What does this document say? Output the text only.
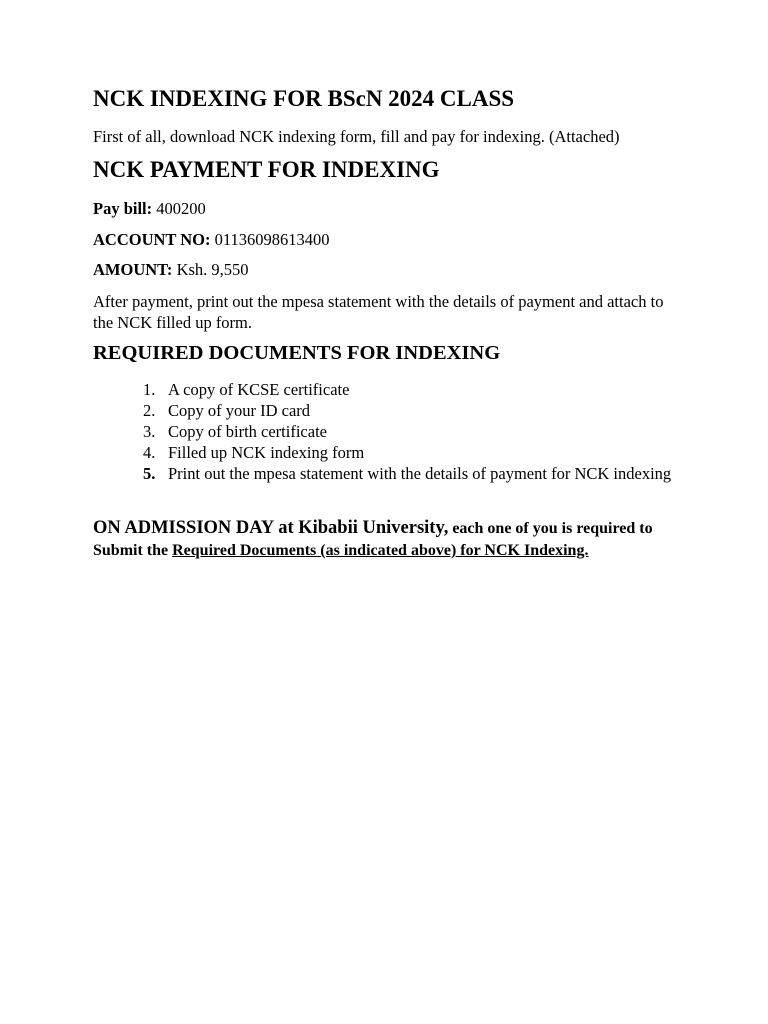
NCK INDEXING FOR BScN 2024 CLASS

First of all, download NCK indexing form, fill and pay for indexing. (Attached)

NCK PAYMENT FOR INDEXING

Pay bill: 400200

ACCOUNT NO: 01136098613400

AMOUNT: Ksh. 9,550

After payment, print out the mpesa statement with the details of payment and attach to the NCK filled up form.

REQUIRED DOCUMENTS FOR INDEXING
1. A copy of KCSE certificate
2. Copy of your ID card
3. Copy of birth certificate
4. Filled up NCK indexing form
5. Print out the mpesa statement with the details of payment for NCK indexing

ON ADMISSION DAY at Kibabii University, each one of you is required to Submit the Required Documents (as indicated above) for NCK Indexing.
